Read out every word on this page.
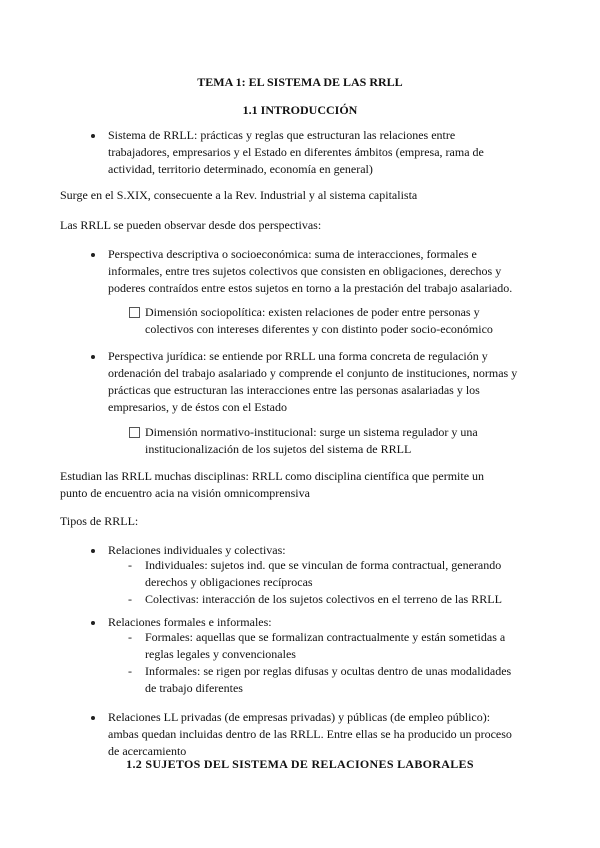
TEMA 1: EL SISTEMA DE LAS RRLL
1.1 INTRODUCCIÓN
Sistema de RRLL: prácticas y reglas que estructuran las relaciones entre
trabajadores, empresarios y el Estado en diferentes ámbitos (empresa, rama de
actividad, territorio determinado, economía en general)
Surge en el S.XIX, consecuente a la Rev. Industrial y al sistema capitalista
Las RRLL se pueden observar desde dos perspectivas:
Perspectiva descriptiva o socioeconómica: suma de interacciones, formales e
informales, entre tres sujetos colectivos que consisten en obligaciones, derechos y
poderes contraídos entre estos sujetos en torno a la prestación del trabajo asalariado.
Dimensión sociopolítica: existen relaciones de poder entre personas y
colectivos con intereses diferentes y con distinto poder socio-económico
Perspectiva jurídica: se entiende por RRLL una forma concreta de regulación y
ordenación del trabajo asalariado y comprende el conjunto de instituciones, normas y
prácticas que estructuran las interacciones entre las personas asalariadas y los
empresarios, y de éstos con el Estado
Dimensión normativo-institucional: surge un sistema regulador y una
institucionalización de los sujetos del sistema de RRLL
Estudian las RRLL muchas disciplinas: RRLL como disciplina científica que permite un
punto de encuentro acia na visión omnicomprensiva
Tipos de RRLL:
Relaciones individuales y colectivas:
- Individuales: sujetos ind. que se vinculan de forma contractual, generando
derechos y obligaciones recíprocas
- Colectivas: interacción de los sujetos colectivos en el terreno de las RRLL
Relaciones formales e informales:
- Formales: aquellas que se formalizan contractualmente y están sometidas a
reglas legales y convencionales
- Informales: se rigen por reglas difusas y ocultas dentro de unas modalidades
de trabajo diferentes
Relaciones LL privadas (de empresas privadas) y públicas (de empleo público):
ambas quedan incluidas dentro de las RRLL. Entre ellas se ha producido un proceso
de acercamiento
1.2 SUJETOS DEL SISTEMA DE RELACIONES LABORALES
